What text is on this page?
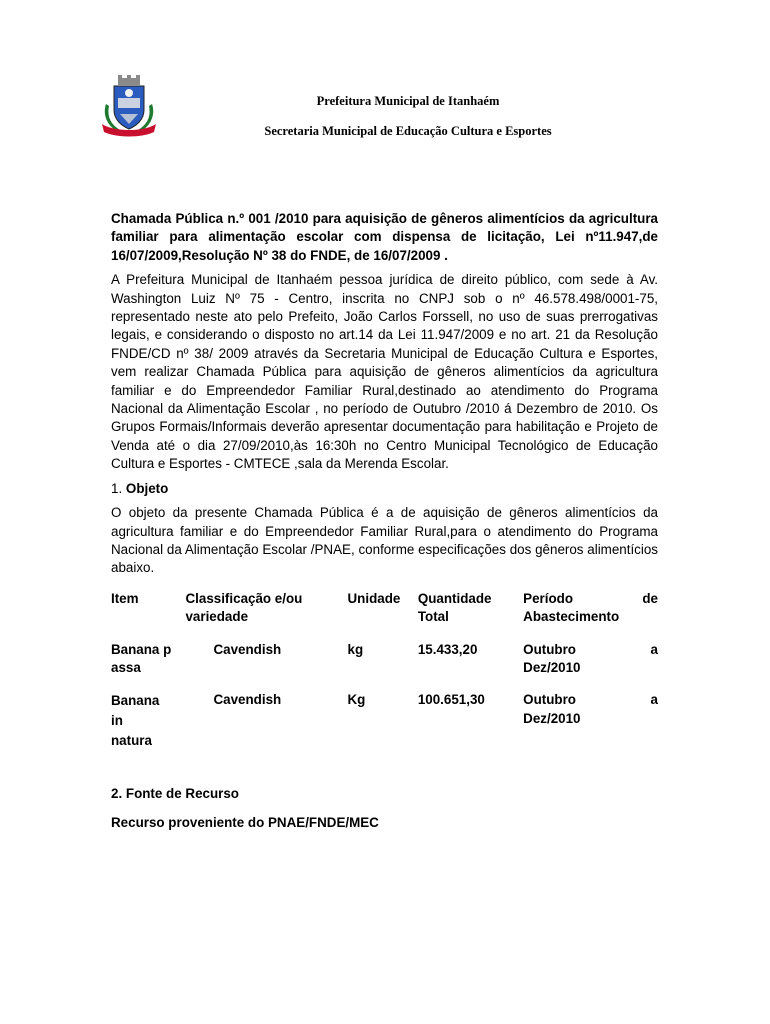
Prefeitura Municipal de Itanhaém
Secretaria Municipal de Educação Cultura e Esportes

Chamada Pública n.º 001 /2010 para aquisição de gêneros alimentícios da agricultura familiar para alimentação escolar com dispensa de licitação, Lei nº11.947,de 16/07/2009,Resolução Nº 38 do FNDE, de 16/07/2009 .

A Prefeitura Municipal de Itanhaém pessoa jurídica de direito público, com sede à Av. Washington Luiz Nº 75 - Centro, inscrita no CNPJ sob o nº 46.578.498/0001-75, representado neste ato pelo Prefeito, João Carlos Forssell, no uso de suas prerrogativas legais, e considerando o disposto no art.14 da Lei 11.947/2009 e no art. 21 da Resolução FNDE/CD nº 38/ 2009 através da Secretaria Municipal de Educação Cultura e Esportes, vem realizar Chamada Pública para aquisição de gêneros alimentícios da agricultura familiar e do Empreendedor Familiar Rural,destinado ao atendimento do Programa Nacional da Alimentação Escolar , no período de Outubro /2010 á Dezembro de 2010. Os Grupos Formais/Informais deverão apresentar documentação para habilitação e Projeto de Venda até o dia 27/09/2010,às 16:30h no Centro Municipal Tecnológico de Educação Cultura e Esportes - CMTECE ,sala da Merenda Escolar.

1. Objeto

O objeto da presente Chamada Pública é a de aquisição de gêneros alimentícios da agricultura familiar e do Empreendedor Familiar Rural,para o atendimento do Programa Nacional da Alimentação Escolar /PNAE, conforme especificações dos gêneros alimentícios abaixo.

Item	Classificação e/ou variedade	Unidade	Quantidade Total	Período de
Abastecimento

Banana passa	Cavendish	kg	15.433,20	Outubro a
Dez/2010

Banana in natura	Cavendish	Kg	100.651,30	Outubro a
Dez/2010
2. Fonte de Recurso
Recurso proveniente do PNAE/FNDE/MEC
